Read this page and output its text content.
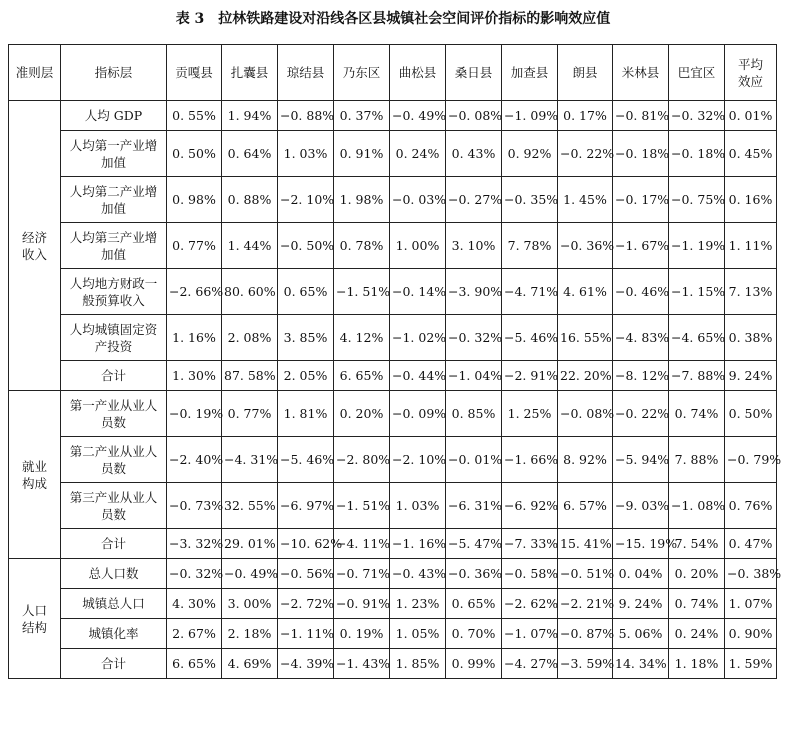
表 3　拉林铁路建设对沿线各区县城镇社会空间评价指标的影响效应值
准则层	指标层	贡嘎县	扎囊县	琼结县	乃东区	曲松县	桑日县	加查县	朗县	米林县	巴宜区	平均效应
经济收入	人均 GDP	0. 55%	1. 94%	−0. 88%	0. 37%	−0. 49%	−0. 08%	−1. 09%	0. 17%	−0. 81%	−0. 32%	0. 01%
	人均第一产业增加值	0. 50%	0. 64%	1. 03%	0. 91%	0. 24%	0. 43%	0. 92%	−0. 22%	−0. 18%	−0. 18%	0. 45%
	人均第二产业增加值	0. 98%	0. 88%	−2. 10%	1. 98%	−0. 03%	−0. 27%	−0. 35%	1. 45%	−0. 17%	−0. 75%	0. 16%
	人均第三产业增加值	0. 77%	1. 44%	−0. 50%	0. 78%	1. 00%	3. 10%	7. 78%	−0. 36%	−1. 67%	−1. 19%	1. 11%
	人均地方财政一般预算收入	−2. 66%	80. 60%	0. 65%	−1. 51%	−0. 14%	−3. 90%	−4. 71%	4. 61%	−0. 46%	−1. 15%	7. 13%
	人均城镇固定资产投资	1. 16%	2. 08%	3. 85%	4. 12%	−1. 02%	−0. 32%	−5. 46%	16. 55%	−4. 83%	−4. 65%	0. 38%
	合计	1. 30%	87. 58%	2. 05%	6. 65%	−0. 44%	−1. 04%	−2. 91%	22. 20%	−8. 12%	−7. 88%	9. 24%
就业构成	第一产业从业人员数	−0. 19%	0. 77%	1. 81%	0. 20%	−0. 09%	0. 85%	1. 25%	−0. 08%	−0. 22%	0. 74%	0. 50%
	第二产业从业人员数	−2. 40%	−4. 31%	−5. 46%	−2. 80%	−2. 10%	−0. 01%	−1. 66%	8. 92%	−5. 94%	7. 88%	−0. 79%
	第三产业从业人员数	−0. 73%	32. 55%	−6. 97%	−1. 51%	1. 03%	−6. 31%	−6. 92%	6. 57%	−9. 03%	−1. 08%	0. 76%
	合计	−3. 32%	29. 01%	−10. 62%	−4. 11%	−1. 16%	−5. 47%	−7. 33%	15. 41%	−15. 19%	7. 54%	0. 47%
人口结构	总人口数	−0. 32%	−0. 49%	−0. 56%	−0. 71%	−0. 43%	−0. 36%	−0. 58%	−0. 51%	0. 04%	0. 20%	−0. 38%
	城镇总人口	4. 30%	3. 00%	−2. 72%	−0. 91%	1. 23%	0. 65%	−2. 62%	−2. 21%	9. 24%	0. 74%	1. 07%
	城镇化率	2. 67%	2. 18%	−1. 11%	0. 19%	1. 05%	0. 70%	−1. 07%	−0. 87%	5. 06%	0. 24%	0. 90%
	合计	6. 65%	4. 69%	−4. 39%	−1. 43%	1. 85%	0. 99%	−4. 27%	−3. 59%	14. 34%	1. 18%	1. 59%
